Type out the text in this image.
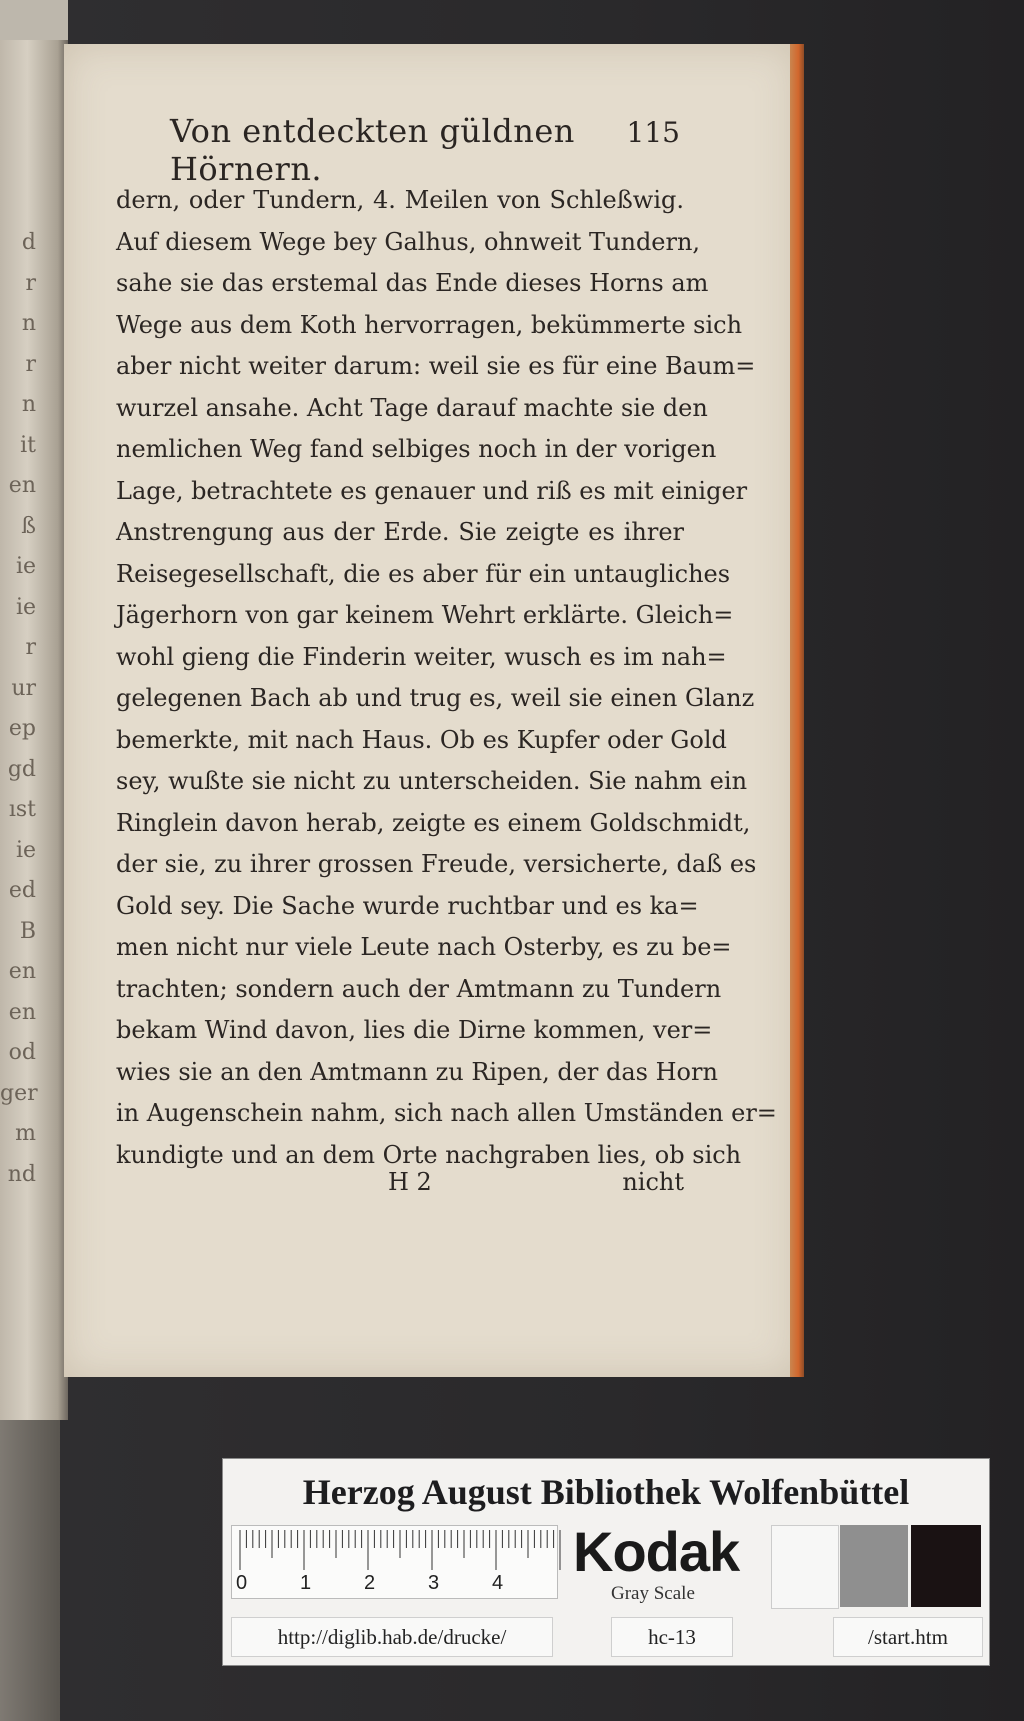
d
r
n
r
n
it
en
ß
ie
ie
r
ur
ep
gd
ıst
ie
ed
B
en
en
od
ger
m
nd
Von entdeckten güldnen Hörnern.
115
dern, oder Tundern, 4. Meilen von Schleßwig.
Auf diesem Wege bey Galhus, ohnweit Tundern,
sahe sie das erstemal das Ende dieses Horns am
Wege aus dem Koth hervorragen, bekümmerte sich
aber nicht weiter darum: weil sie es für eine Baum=
wurzel ansahe. Acht Tage darauf machte sie den
nemlichen Weg fand selbiges noch in der vorigen
Lage, betrachtete es genauer und riß es mit einiger
Anstrengung aus der Erde. Sie zeigte es ihrer
Reisegesellschaft, die es aber für ein untaugliches
Jägerhorn von gar keinem Wehrt erklärte. Gleich=
wohl gieng die Finderin weiter, wusch es im nah=
gelegenen Bach ab und trug es, weil sie einen Glanz
bemerkte, mit nach Haus. Ob es Kupfer oder Gold
sey, wußte sie nicht zu unterscheiden. Sie nahm ein
Ringlein davon herab, zeigte es einem Goldschmidt,
der sie, zu ihrer grossen Freude, versicherte, daß es
Gold sey. Die Sache wurde ruchtbar und es ka=
men nicht nur viele Leute nach Osterby, es zu be=
trachten; sondern auch der Amtmann zu Tundern
bekam Wind davon, lies die Dirne kommen, ver=
wies sie an den Amtmann zu Ripen, der das Horn
in Augenschein nahm, sich nach allen Umständen er=
kundigte und an dem Orte nachgraben lies, ob sich
H 2	nicht
Herzog August Bibliothek Wolfenbüttel
0	1	2	3	4 Kodak
Gray Scale
http://diglib.hab.de/drucke/	hc-13	/start.htm
